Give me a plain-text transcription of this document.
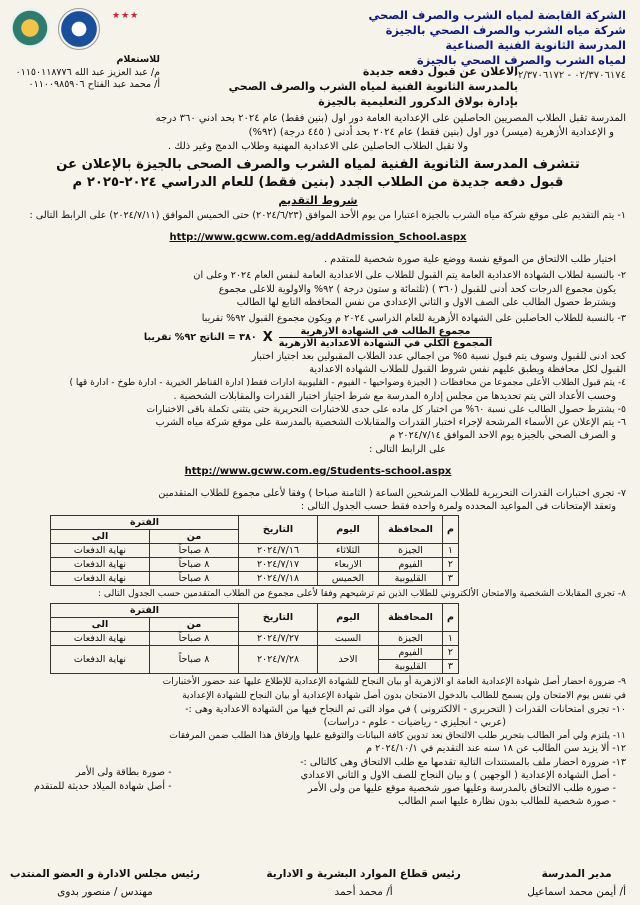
الشركة القابضة لمياه الشرب والصرف الصحي
شركة مياه الشرب والصرف الصحي بالجيزة
المدرسة الثانوية الفنية الصناعية
لمياه الشرب والصرف الصحي بالجيزة
٠٢/٣٧٠٦١٧٤ - ٠٢/٣٧٠٦١٧٢
★★★
للاستعلام
م/ عبد العزيز عبد الله ٠١١٥٠١١٨٧٧٦
أ/ محمد عبد الفتاح ٠١١٠٠٩٨٥٩٠٦
الاعلان عن قبول دفعه جديدة
بالمدرسة الثانوية الفنية لمياه الشرب والصرف الصحي
بإدارة بولاق الدكرور التعليمية بالجيزة

المدرسة تقبل الطلاب المصريين الحاصلين على الإعدادية العامة دور اول (بنين فقط) عام ٢٠٢٤ بحد ادني ٣٦٠ درجه

و الإعدادية الأزهرية (ميسر) دور اول (بنين فقط) عام ٢٠٢٤ بحد أدنى ( ٤٤٥ درجة) (٩٢%)

ولا تقبل الطلاب الحاصلين على الاعدادية المهنية وطلاب الدمج وغير ذلك .

تتشرف المدرسة الثانوية الفنية لمياه الشرب والصرف الصحى بالجيزة بالإعلان عن
قبول دفعه جديدة من الطلاب الجدد (بنين فقط) للعام الدراسي ٢٠٢٤-٢٠٢٥ م
شروط التقديم

١- يتم التقديم على موقع شركة مياه الشرب بالجيزة اعتبارا من يوم الأحد الموافق (٢٠٢٤/٦/٢٣) حتى الخميس الموافق (٢٠٢٤/٧/١١) على الرابط التالى :

http://www.gcww.com.eg/addAdmission_School.aspx

اختيار طلب الالتحاق من الموقع نفسة ووضع علية صورة شخصية للمتقدم .

٢- بالنسبة لطلاب الشهادة الاعدادية العامة يتم القبول للطلاب على الاعدادية العامة لنفس العام ٢٠٢٤ وعلى ان

يكون مجموع الدرجات كحد أدنى للقبول (٣٦٠ ) (ثلثمائة و ستون درجة ) ٩٢% والاولوية للاعلى مجموع

ويشترط حصول الطالب على الصف الاول و الثاني الإعدادي من نفس المحافظه التابع لها الطالب

٣- بالنسبة للطلاب الحاصلين على الشهادة الأزهرية للعام الدراسي ٢٠٢٤ م ويكون مجموع القبول ٩٢% تقريبا

$\frac{\text{مجموع الطالب في الشهادة الازهرية}}{\text{المجموع الكلي في الشهادة الاعدادية الازهرية}}$
X
٣٨٠ = الناتج ٩٢% تقريبا

كحد ادنى للقبول وسوف يتم قبول نسبة ٥% من اجمالي عدد الطلاب المقبولين بعد اجتياز اختبار

القبول لكل محافظة ويطبق عليهم نفس شروط القبول للطلاب الشهادة الاعدادية

٤- يتم قبول الطلاب الأعلى مجموعا من محافظات ( الجيزة وضواحيها - الفيوم - القليوبية ادارات فقط( ادارة القناطر الخيرية - ادارة طوخ - ادارة قها )

وحسب الأعداد التي يتم تحديدها من مجلس إدارة المدرسة مع شرط اجتياز اختبار القدرات والمقابلات الشخصية .

٥- يشترط حصول الطالب على نسبة ٦٠% من اختبار كل ماده على حدى للاختبارات التحريرية حتى يتثنى تكملة باقى الاختبارات

٦- يتم الإعلان عن الأسماء المرشحة لإجراء اختبار القدرات والمقابلات الشخصية بالمدرسة على موقع شركة مياه الشرب

و الصرف الصحي بالجيزة يوم الاحد الموافق ٢٠٢٤/٧/١٤ م

على الرابط التالى :

http://www.gcww.com.eg/Students-school.aspx

٧- تجرى اختبارات القدرات التحريرية للطلاب المرشحين الساعة ( الثامنة صباحا ) وفقا لأعلى مجموع للطلاب المتقدمين

وتعقد الإمتحانات فى المواعيد المحدده ولمرة واحده فقط حسب الجدول التالى :

م	المحافظة	اليوم	التاريخ	الفترة	
				من	الى
١	الجيزة	الثلاثاء	٢٠٢٤/٧/١٦	٨ صباحاً	نهاية الدفعات
٢	الفيوم	الاربعاء	٢٠٢٤/٧/١٧	٨ صباحاً	نهاية الدفعات
٣	القليوبية	الخميس	٢٠٢٤/٧/١٨	٨ صباحاً	نهاية الدفعات

٨- تجرى المقابلات الشخصية والامتحان الألكتروني للطلاب الذين تم ترشيحهم وفقا لأعلى مجموع من الطلاب المتقدمين حسب الجدول التالى :

م	المحافظة	اليوم	التاريخ	الفترة	
				من	الى
١	الجيزة	السبت	٢٠٢٤/٧/٢٧	٨ صباحاً	نهاية الدفعات
٢	الفيوم	الاحد	٢٠٢٤/٧/٢٨	٨ صباحاً	نهاية الدفعات
٣	القليوبية				

٩- ضرورة احضار أصل شهادة الإعدادية العامة او الازهرية أو بيان النجاح للشهادة الإعدادية للإطلاع عليها عند حضور الأختبارات

في نفس يوم الامتحان ولن يسمح للطالب بالدخول الامتحان بدون أصل شهادة الإعدادية أو بيان النجاح للشهادة الإعدادية

١٠- تجرى امتحانات القدرات ( التحريرى - الالكترونى ) في مواد التى تم النجاح فيها من الشهادة الاعدادية وهى :-

(عربي - انجليزي - رياضيات - علوم - دراسات)

١١- يلتزم ولي أمر الطالب بتحرير طلب الالتحاق بعد تدوين كافة البيانات والتوقيع عليها وإرفاق هذا الطلب ضمن المرفقات

١٢- ألا يزيد سن الطالب عن ١٨ سنه عند التقديم في ٢٠٢٤/١٠/١ م

١٣- ضرورة احضار ملف بالمستندات التالية تقدمها مع طلب الالتحاق وهى كالتالى :-

- أصل الشهادة الإعدادية ( الوجهين ) و بيان النجاح للصف الاول و الثاني الاعدادي

- صورة طلب الالتحاق بالمدرسة وعليها صور شخصية موقع عليها من ولى الأمر

- صورة شخصية للطالب بدون نظارة عليها اسم الطالب

- صورة بطاقة ولى الأمر
- أصل شهادة الميلاد حديثة للمتقدم
مدير المدرسة
أ/ أيمن محمد اسماعيل
رئيس قطاع الموارد البشرية و الادارية
أ/ محمد أحمد
رئيس مجلس الادارة و العضو المنتدب
مهندس / منصور بدوى
